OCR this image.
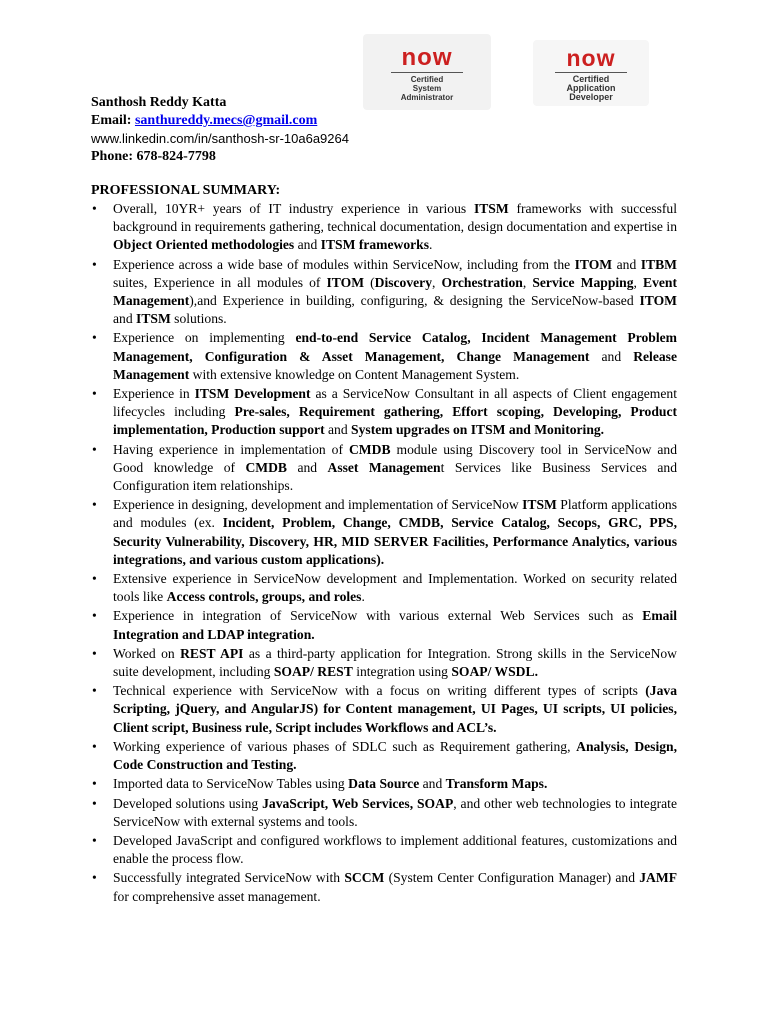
now
Certified
System
Administrator
now
Certified
Application
Developer
Santhosh Reddy Katta
Email: santhureddy.mecs@gmail.com
www.linkedin.com/in/santhosh-sr-10a6a9264
Phone: 678-824-7798
PROFESSIONAL SUMMARY:
• Overall, 10YR+ years of IT industry experience in various ITSM frameworks with successful background in requirements gathering, technical documentation, design documentation and expertise in Object Oriented methodologies and ITSM frameworks.
• Experience across a wide base of modules within ServiceNow, including from the ITOM and ITBM suites, Experience in all modules of ITOM (Discovery, Orchestration, Service Mapping, Event Management),and Experience in building, configuring, & designing the ServiceNow-based ITOM and ITSM solutions.
• Experience on implementing end-to-end Service Catalog, Incident Management Problem Management, Configuration & Asset Management, Change Management and Release Management with extensive knowledge on Content Management System.
• Experience in ITSM Development as a ServiceNow Consultant in all aspects of Client engagement lifecycles including Pre-sales, Requirement gathering, Effort scoping, Developing, Product implementation, Production support and System upgrades on ITSM and Monitoring.
• Having experience in implementation of CMDB module using Discovery tool in ServiceNow and Good knowledge of CMDB and Asset Management Services like Business Services and Configuration item relationships.
• Experience in designing, development and implementation of ServiceNow ITSM Platform applications and modules (ex. Incident, Problem, Change, CMDB, Service Catalog, Secops, GRC, PPS, Security Vulnerability, Discovery, HR, MID SERVER Facilities, Performance Analytics, various integrations, and various custom applications).
• Extensive experience in ServiceNow development and Implementation. Worked on security related tools like Access controls, groups, and roles.
• Experience in integration of ServiceNow with various external Web Services such as Email Integration and LDAP integration.
• Worked on REST API as a third-party application for Integration. Strong skills in the ServiceNow suite development, including SOAP/ REST integration using SOAP/ WSDL.
• Technical experience with ServiceNow with a focus on writing different types of scripts (Java Scripting, jQuery, and AngularJS) for Content management, UI Pages, UI scripts, UI policies, Client script, Business rule, Script includes Workflows and ACL’s.
• Working experience of various phases of SDLC such as Requirement gathering, Analysis, Design, Code Construction and Testing.
• Imported data to ServiceNow Tables using Data Source and Transform Maps.
• Developed solutions using JavaScript, Web Services, SOAP, and other web technologies to integrate ServiceNow with external systems and tools.
• Developed JavaScript and configured workflows to implement additional features, customizations and enable the process flow.
• Successfully integrated ServiceNow with SCCM (System Center Configuration Manager) and JAMF for comprehensive asset management.
